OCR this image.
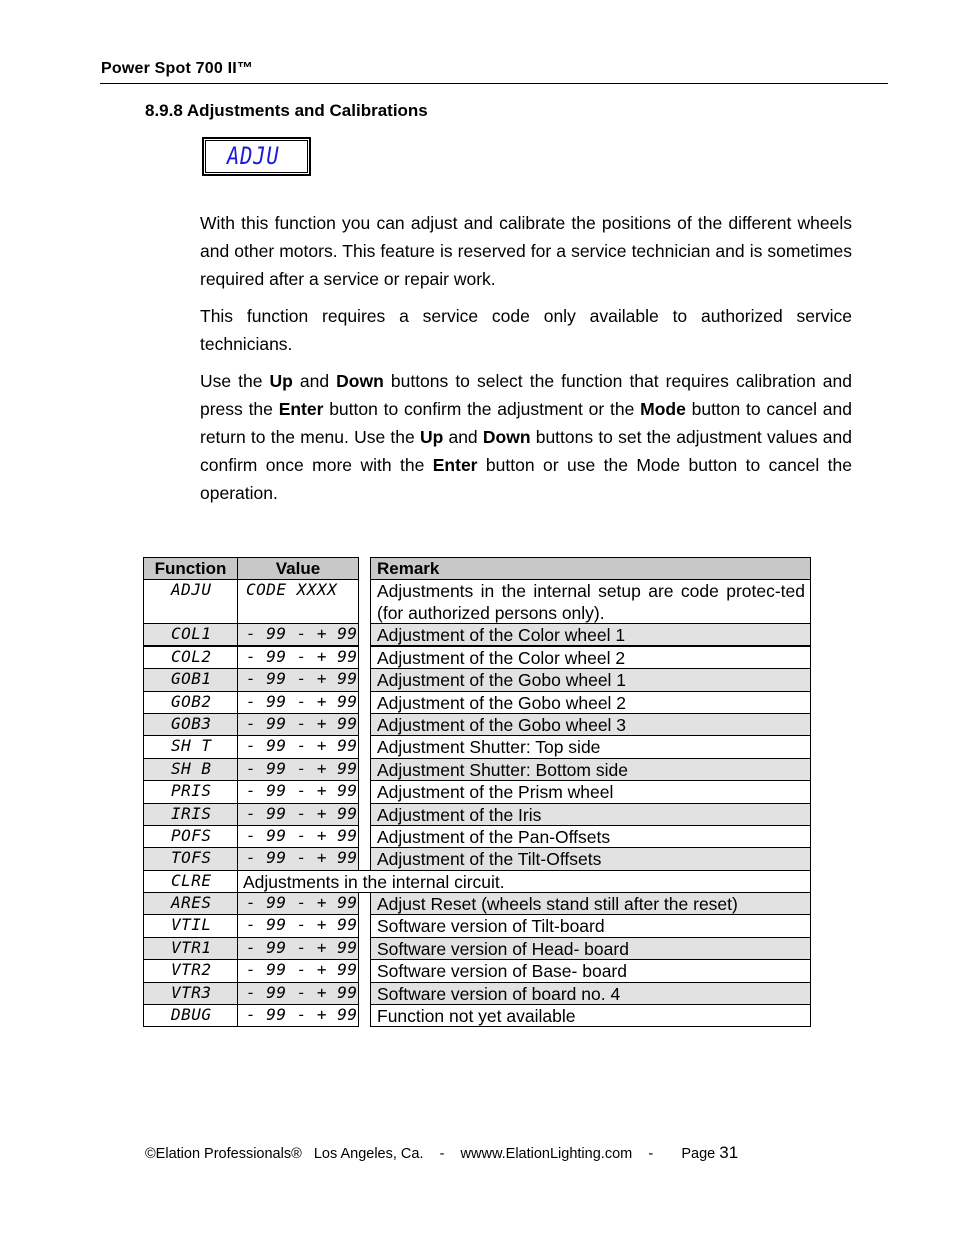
Power Spot 700 II™
8.9.8 Adjustments and Calibrations
ADJU

With this function you can adjust and calibrate the positions of the different wheels and other motors. This feature is reserved for a service technician and is sometimes required after a service or repair work.

This function requires a service code only available to authorized service technicians.

Use the Up and Down buttons to select the function that requires calibration and press the Enter button to confirm the adjustment or the Mode button to cancel and return to the menu. Use the Up and Down buttons to set the adjustment values and confirm once more with the Enter button or use the Mode button to cancel the operation.

Function	Value	Remark
ADJU	CODE XXXX	Adjustments in the internal setup are code protec-ted (for authorized persons only).
COL1	- 99 - + 99	Adjustment of the Color wheel 1
COL2	- 99 - + 99	Adjustment of the Color wheel 2
GOB1	- 99 - + 99	Adjustment of the Gobo wheel 1
GOB2	- 99 - + 99	Adjustment of the Gobo wheel 2
GOB3	- 99 - + 99	Adjustment of the Gobo wheel 3
SH T	- 99 - + 99	Adjustment Shutter: Top side
SH B	- 99 - + 99	Adjustment Shutter: Bottom side
PRIS	- 99 - + 99	Adjustment of the Prism wheel
IRIS	- 99 - + 99	Adjustment of the Iris
POFS	- 99 - + 99	Adjustment of the Pan-Offsets
TOFS	- 99 - + 99	Adjustment of the Tilt-Offsets
CLRE	Adjustments in the internal circuit.
ARES	- 99 - + 99	Adjust Reset (wheels stand still after the reset)
VTIL	- 99 - + 99	Software version of Tilt-board
VTR1	- 99 - + 99	Software version of Head- board
VTR2	- 99 - + 99	Software version of Base- board
VTR3	- 99 - + 99	Software version of board no. 4
DBUG	- 99 - + 99	Function not yet available
©Elation Professionals®   Los Angeles, Ca.    -    wwww.ElationLighting.com    -       Page 31
